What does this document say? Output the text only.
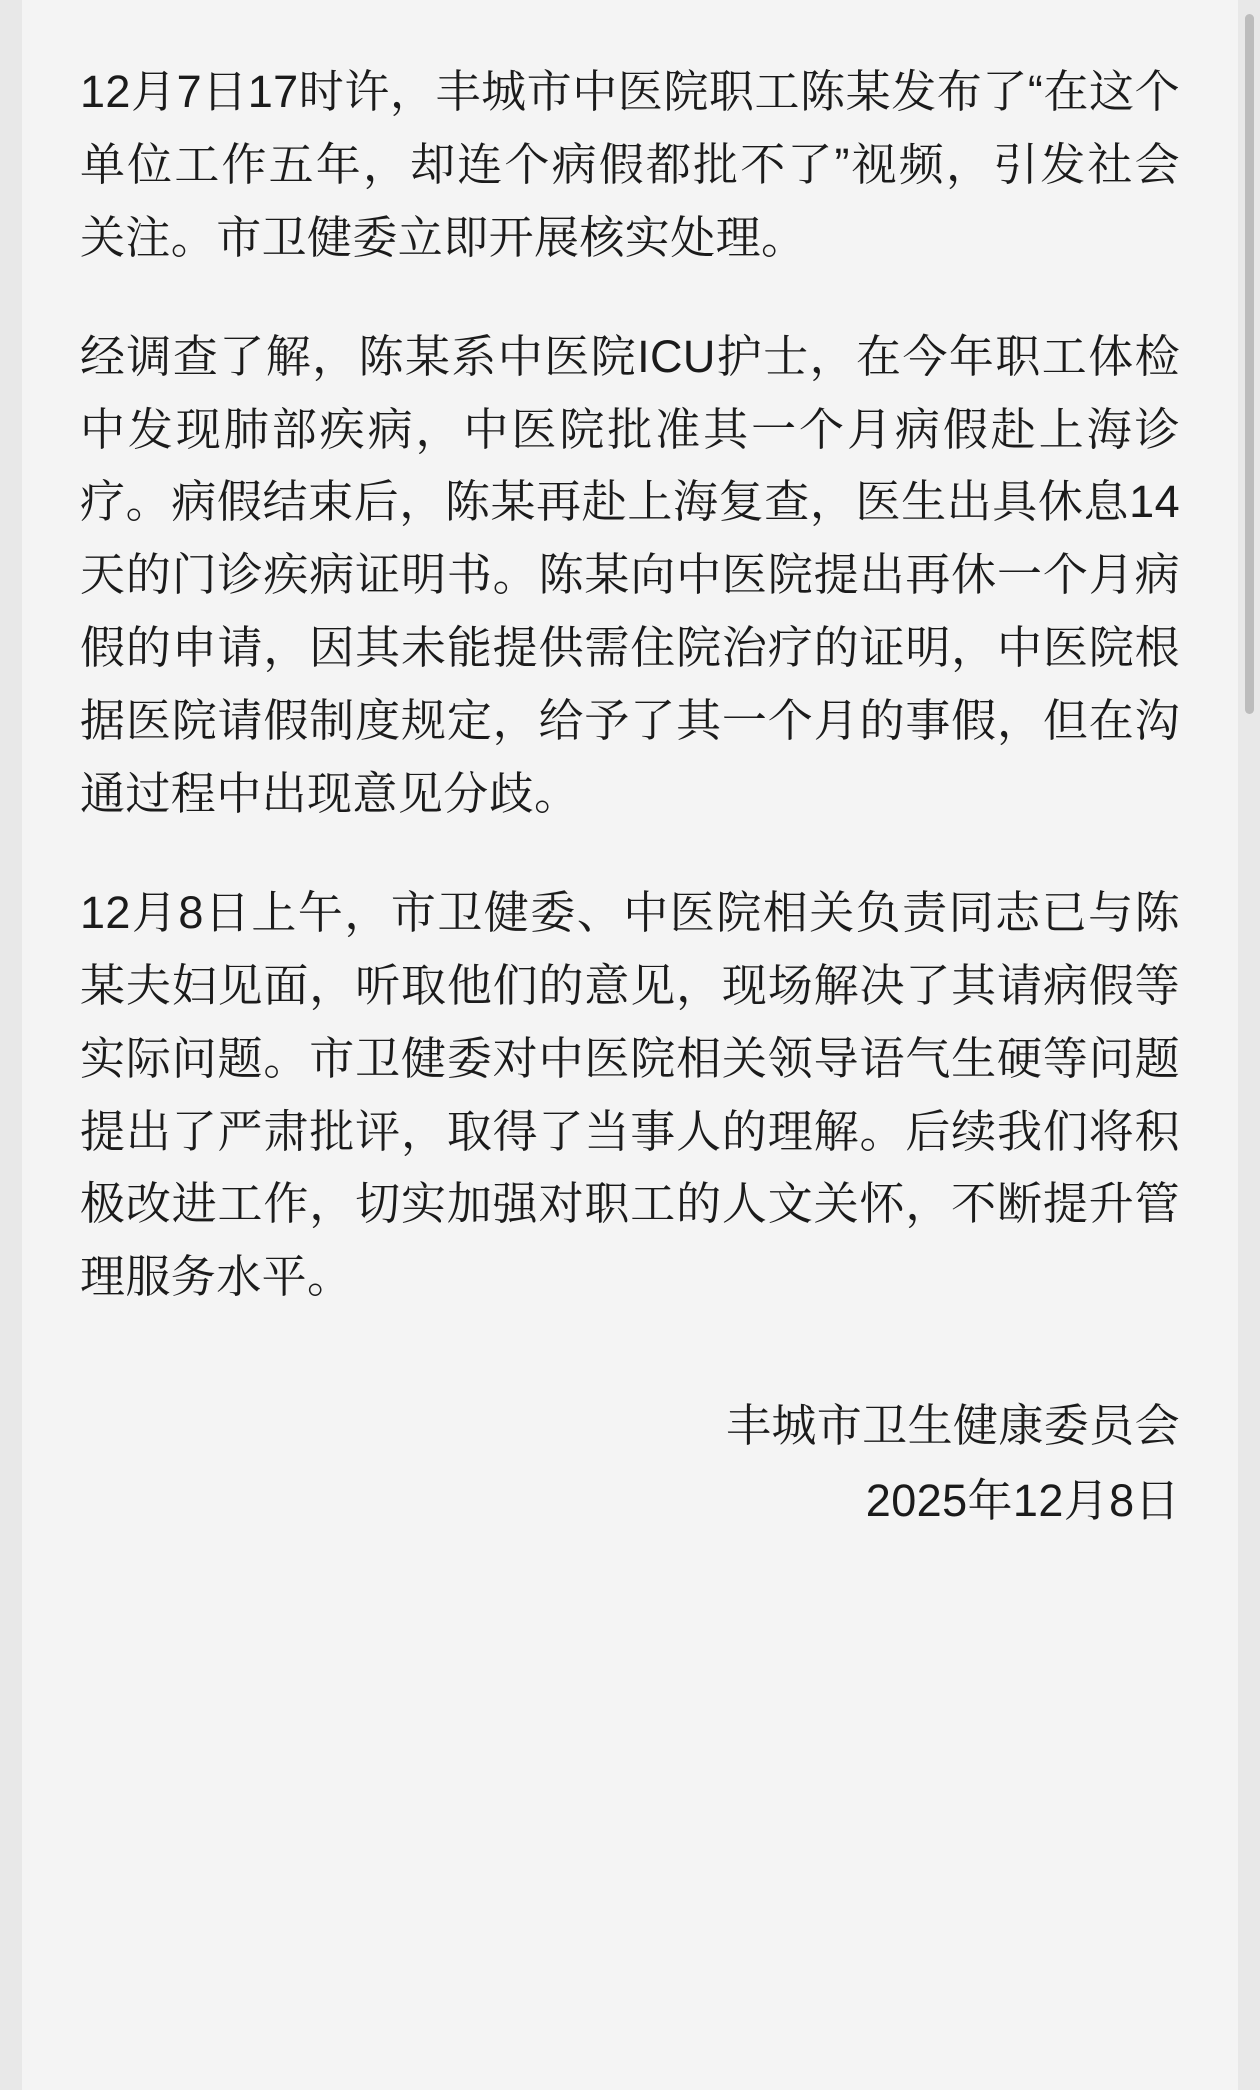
12月7日17时许，丰城市中医院职工陈某发布了“在这个单位工作五年，却连个病假都批不了”视频，引发社会关注。市卫健委立即开展核实处理。

经调查了解，陈某系中医院ICU护士，在今年职工体检中发现肺部疾病，中医院批准其一个月病假赴上海诊疗。病假结束后，陈某再赴上海复查，医生出具休息14天的门诊疾病证明书。陈某向中医院提出再休一个月病假的申请，因其未能提供需住院治疗的证明，中医院根据医院请假制度规定，给予了其一个月的事假，但在沟通过程中出现意见分歧。

12月8日上午，市卫健委、中医院相关负责同志已与陈某夫妇见面，听取他们的意见，现场解决了其请病假等实际问题。市卫健委对中医院相关领导语气生硬等问题提出了严肃批评，取得了当事人的理解。后续我们将积极改进工作，切实加强对职工的人文关怀，不断提升管理服务水平。

丰城市卫生健康委员会
2025年12月8日
